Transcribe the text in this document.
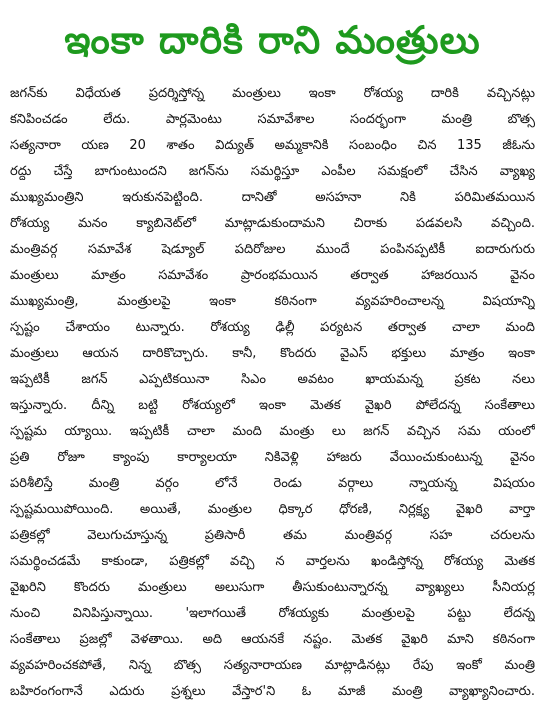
ఇంకా దారికి రాని మంత్రులు
జగన్‌కు విధేయత ప్రదర్శిస్తోన్న మంత్రులు ఇంకా రోశయ్య దారికి వచ్చినట్లు
కనిపించడం లేదు. పార్లమెంటు సమావేశాల సందర్భంగా మంత్రి బొత్స
సత్యనారా యణ 20 శాతం విద్యుత్ అమ్మకానికి సంబంధిం చిన 135 జీఓను
రద్దు చేస్తే బాగుంటుందని జగన్‌ను సమర్థిస్తూ ఎంపీల సమక్షంలో చేసిన వ్యాఖ్య
ముఖ్యమంత్రిని ఇరుకునపెట్టింది. దానితో అసహనా నికి పరిమితమయిన
రోశయ్య మనం క్యాబినెట్‌లో మాట్లాడుకుందామని చిరాకు పడవలసి వచ్చింది.
మంత్రివర్గ సమావేశ షెడ్యూల్ పదిరోజుల ముందే పంపినప్పటికీ ఐదారుగురు
మంత్రులు మాత్రం సమావేశం ప్రారంభమయిన తర్వాత హాజరయిన వైనం
ముఖ్యమంత్రి, మంత్రులపై ఇంకా కఠినంగా వ్యవహరించాలన్న విషయాన్ని
స్పష్టం చేశాయం టున్నారు. రోశయ్య ఢిల్లీ పర్యటన తర్వాత చాలా మంది
మంత్రులు ఆయన దారికొచ్చారు. కానీ, కొందరు వైఎస్ భక్తులు మాత్రం ఇంకా
ఇప్పటికీ జగన్ ఎప్పటికయినా సిఎం అవటం ఖాయమన్న ప్రకట నలు
ఇస్తున్నారు. దీన్ని బట్టి రోశయ్యలో ఇంకా మెతక వైఖరి పోలేదన్న సంకేతాలు
స్పష్టమ య్యాయి. ఇప్పటికీ చాలా మంది మంత్రు లు జగన్ వచ్చిన సమ యంలో
ప్రతి రోజూ క్యాంపు కార్యాలయా నికివెళ్లి హాజరు వేయించుకుంటున్న వైనం
పరిశీలిస్తే మంత్రి వర్గం లోనే రెండు వర్గాలు న్నాయన్న విషయం
స్పష్టమయిపోయింది. అయితే, మంత్రుల ధిక్కార ధోరణి, నిర్లక్ష్య వైఖరి వార్తా
పత్రికల్లో వెలుగుచూస్తున్న ప్రతిసారీ తమ మంత్రివర్గ సహ చరులను
సమర్థించడమే కాకుండా, పత్రికల్లో వచ్చి న వార్తలను ఖండిస్తోన్న రోశయ్య మెతక
వైఖరిని కొందరు మంత్రులు అలుసుగా తీసుకుంటున్నారన్న వ్యాఖ్యలు సీనియర్ల
నుంచి వినిపిస్తున్నాయి. 'ఇలాగయితే రోశయ్యకు మంత్రులపై పట్టు లేదన్న
సంకేతాలు ప్రజల్లో వెళతాయి. అది ఆయనకే నష్టం. మెతక వైఖరి మాని కఠినంగా
వ్యవహరించకపోతే, నిన్న బొత్స సత్యనారాయణ మాట్లాడినట్లు రేపు ఇంకో మంత్రి
బహిరంగంగానే ఎదురు ప్రశ్నలు వేస్తార'ని ఓ మాజీ మంత్రి వ్యాఖ్యానించారు.
